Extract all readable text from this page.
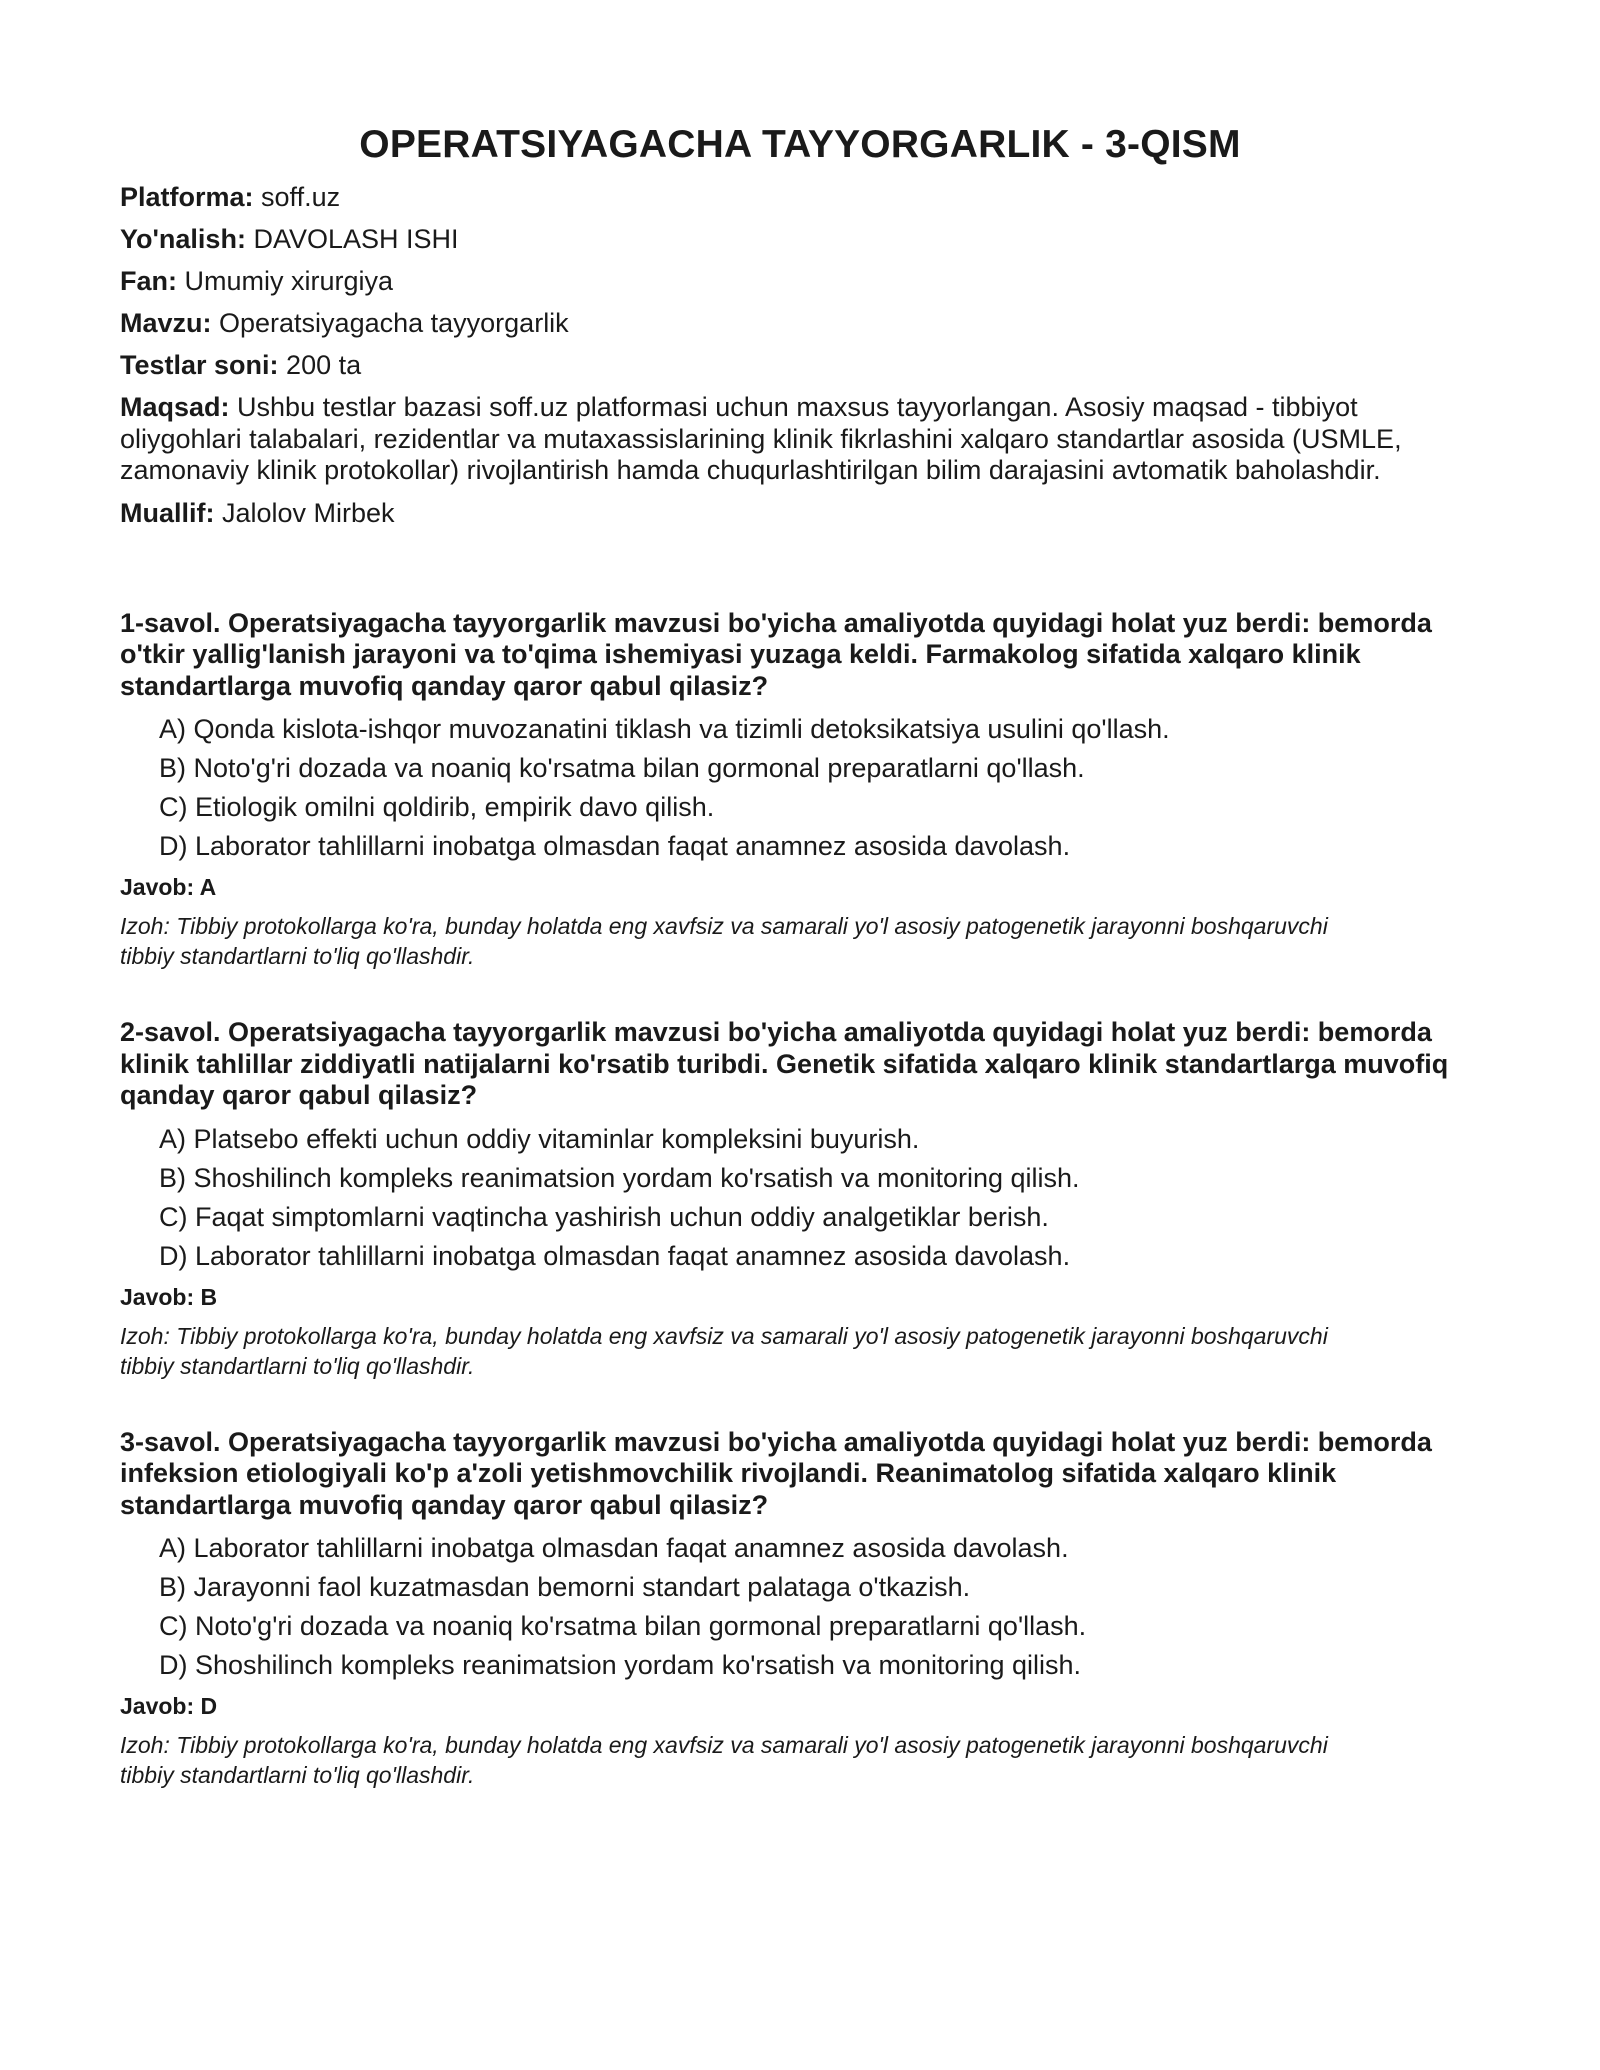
OPERATSIYAGACHA TAYYORGARLIK - 3-QISM
Platforma: soff.uz
Yo'nalish: DAVOLASH ISHI
Fan: Umumiy xirurgiya
Mavzu: Operatsiyagacha tayyorgarlik
Testlar soni: 200 ta
Maqsad: Ushbu testlar bazasi soff.uz platformasi uchun maxsus tayyorlangan. Asosiy maqsad - tibbiyot oliygohlari talabalari, rezidentlar va mutaxassislarining klinik fikrlashini xalqaro standartlar asosida (USMLE, zamonaviy klinik protokollar) rivojlantirish hamda chuqurlashtirilgan bilim darajasini avtomatik baholashdir.
Muallif: Jalolov Mirbek

1-savol. Operatsiyagacha tayyorgarlik mavzusi bo'yicha amaliyotda quyidagi holat yuz berdi: bemorda o'tkir yallig'lanish jarayoni va to'qima ishemiyasi yuzaga keldi. Farmakolog sifatida xalqaro klinik standartlarga muvofiq qanday qaror qabul qilasiz?

A) Qonda kislota-ishqor muvozanatini tiklash va tizimli detoksikatsiya usulini qo'llash.
B) Noto'g'ri dozada va noaniq ko'rsatma bilan gormonal preparatlarni qo'llash.
C) Etiologik omilni qoldirib, empirik davo qilish.
D) Laborator tahlillarni inobatga olmasdan faqat anamnez asosida davolash.
Javob: A
Izoh: Tibbiy protokollarga ko'ra, bunday holatda eng xavfsiz va samarali yo'l asosiy patogenetik jarayonni boshqaruvchi tibbiy standartlarni to'liq qo'llashdir.

2-savol. Operatsiyagacha tayyorgarlik mavzusi bo'yicha amaliyotda quyidagi holat yuz berdi: bemorda klinik tahlillar ziddiyatli natijalarni ko'rsatib turibdi. Genetik sifatida xalqaro klinik standartlarga muvofiq qanday qaror qabul qilasiz?

A) Platsebo effekti uchun oddiy vitaminlar kompleksini buyurish.
B) Shoshilinch kompleks reanimatsion yordam ko'rsatish va monitoring qilish.
C) Faqat simptomlarni vaqtincha yashirish uchun oddiy analgetiklar berish.
D) Laborator tahlillarni inobatga olmasdan faqat anamnez asosida davolash.
Javob: B
Izoh: Tibbiy protokollarga ko'ra, bunday holatda eng xavfsiz va samarali yo'l asosiy patogenetik jarayonni boshqaruvchi tibbiy standartlarni to'liq qo'llashdir.

3-savol. Operatsiyagacha tayyorgarlik mavzusi bo'yicha amaliyotda quyidagi holat yuz berdi: bemorda infeksion etiologiyali ko'p a'zoli yetishmovchilik rivojlandi. Reanimatolog sifatida xalqaro klinik standartlarga muvofiq qanday qaror qabul qilasiz?

A) Laborator tahlillarni inobatga olmasdan faqat anamnez asosida davolash.
B) Jarayonni faol kuzatmasdan bemorni standart palataga o'tkazish.
C) Noto'g'ri dozada va noaniq ko'rsatma bilan gormonal preparatlarni qo'llash.
D) Shoshilinch kompleks reanimatsion yordam ko'rsatish va monitoring qilish.
Javob: D
Izoh: Tibbiy protokollarga ko'ra, bunday holatda eng xavfsiz va samarali yo'l asosiy patogenetik jarayonni boshqaruvchi tibbiy standartlarni to'liq qo'llashdir.
